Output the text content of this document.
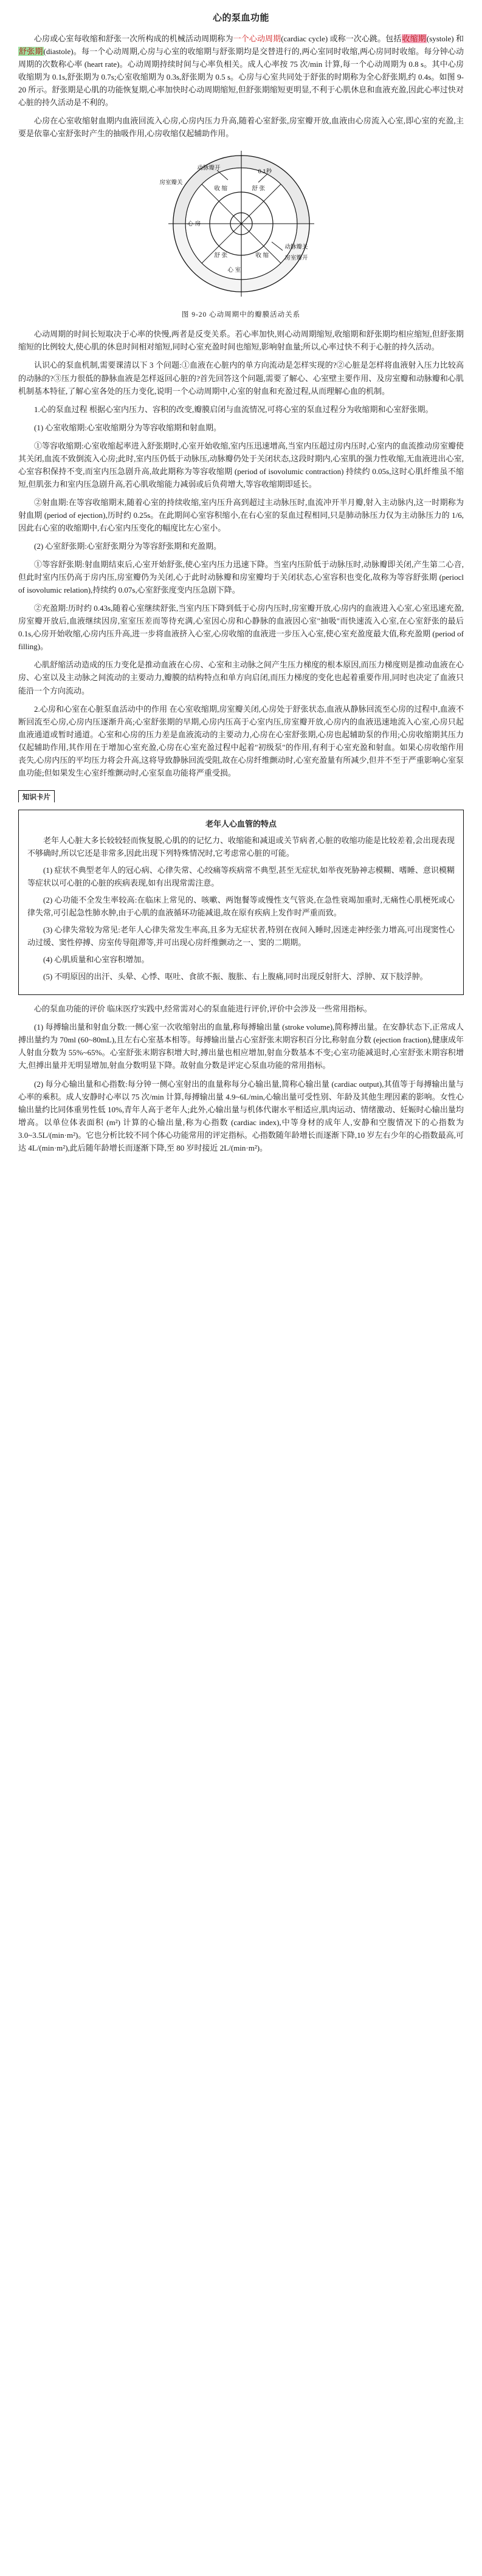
心的泵血功能

心房或心室每收缩和舒张一次所构成的机械活动周期称为一个心动周期(cardiac cycle) 或称一次心跳。包括收缩期(systole) 和舒张期(diastole)。每一个心动周期,心房与心室的收缩期与舒张期均是交替进行的,两心室同时收缩,两心房同时收缩。每分钟心动周期的次数称心率 (heart rate)。心动周期持续时间与心率负相关。成人心率按 75 次/min 计算,每一个心动周期为 0.8 s。其中心房收缩期为 0.1s,舒张期为 0.7s;心室收缩期为 0.3s,舒张期为 0.5 s。心房与心室共同处于舒张的时期称为全心舒张期,约 0.4s。如图 9-20 所示。舒张期是心肌的功能恢复期,心率加快时心动周期缩短,但舒张期缩短更明显,不利于心肌休息和血液充盈,因此心率过快对心脏的持久活动是不利的。

心房在心室收缩射血期内血液回流入心房,心房内压力升高,随着心室舒张,房室瓣开放,血液由心房流入心室,即心室的充盈,主要是依靠心室舒张时产生的抽吸作用,心房收缩仅起辅助作用。

动脉瓣开
房室瓣关
0.1秒
动脉瓣关
房室瓣开
收 缩	舒 张
心 房
心 室
舒 张	收 缩
图 9-20 心动周期中的瓣膜活动关系

心动周期的时间长短取决于心率的快慢,两者是反变关系。若心率加快,则心动周期缩短,收缩期和舒张期均相应缩短,但舒张期缩短的比例较大,使心肌的休息时间相对缩短,同时心室充盈时间也缩短,影响射血量;所以,心率过快不利于心脏的持久活动。

认识心的泵血机制,需要课清以下 3 个问题:①血液在心脏内的单方向流动是怎样实现的?②心脏是怎样将血液射入压力比较高的动脉的?③压力很低的静脉血液是怎样返回心脏的?首先回答这个问题,需要了解心、心室壁主要作用、及房室瓣和动脉瓣和心肌机制基本特征,了解心室各处的压力变化,说明一个心动周期中,心室的射血和充盈过程,从而理解心血的机制。

1.心的泵血过程 根据心室内压力、容积的改变,瓣膜启闭与血流情况,可将心室的泵血过程分为收缩期和心室舒张期。

(1) 心室收缩期:心室收缩期分为等容收缩期和射血期。

①等容收缩期:心室收缩起率进入舒张期时,心室开始收缩,室内压迅速增高,当室内压超过房内压时,心室内的血流推动房室瓣使其关闭,血流不致倒流入心房;此时,室内压仍低于动脉压,动脉瓣仍处于关闭状态,这段时期内,心室肌的强力性收缩,无血液进出心室,心室容积保持不变,而室内压急剧升高,故此期称为等容收缩期 (period of isovolumic contraction) 持续约 0.05s,这时心肌纤维虽不缩短,但肌张力和室内压急剧升高,若心肌收缩能力减弱或后负荷增大,等容收缩期即延长。

②射血期:在等容收缩期末,随着心室的持续收缩,室内压升高到超过主动脉压时,血流冲开半月瓣,射入主动脉内,这一时期称为射血期 (period of ejection),历时约 0.25s。在此期间心室容积缩小,在右心室的泵血过程相同,只是肺动脉压力仅为主动脉压力的 1/6,因此右心室的收缩期中,右心室内压变化的幅度比左心室小。

(2) 心室舒张期:心室舒张期分为等容舒张期和充盈期。

①等容舒张期:射血期结束后,心室开始舒张,使心室内压力迅速下降。当室内压阶低于动脉压时,动脉瓣即关闭,产生第二心音,但此时室内压仍高于房内压,房室瓣仍为关闭,心于此时动脉瓣和房室瓣均于关闭状态,心室容积也变化,故称为等容舒张期 (periocl of isovolumic relation),持续约 0.07s,心室舒张度变内压急剧下降。

②充盈期:历时约 0.43s,随着心室继续舒张,当室内压下降到低于心房内压时,房室瓣开放,心房内的血液进入心室,心室迅速充盈,房室瓣开放后,血液继续因房,室室压差而等待充满,心室因心房和心静脉的血液因心室"抽吸"而快速流入心室,在心室舒张的最后 0.1s,心房开始收缩,心房内压升高,进一步将血液挤入心室,心房收缩的血液进一步压入心室,使心室充盈度最大值,称充盈期 (period of filling)。

心肌舒缩活动造成的压力变化是推动血液在心房、心室和主动脉之间产生压力梯度的根本原因,而压力梯度则是推动血液在心房、心室以及主动脉之间流动的主要动力,瓣膜的结构特点和单方向启闭,而压力梯度的变化也起着重要作用,同时也决定了血液只能沿一个方向流动。

2.心房和心室在心脏泵血活动中的作用 在心室收缩期,房室瓣关闭,心房处于舒张状态,血液从静脉回流至心房的过程中,血液不断回流至心房,心房内压逐渐升高;心室舒张期的早期,心房内压高于心室内压,房室瓣开放,心房内的血液迅速地流入心室,心房只起血液通道或暂时通道。心室和心房的压力差是血液流动的主要动力,心房在心室舒张期,心房也起辅助泵的作用;心房收缩期其压力仅起辅助作用,其作用在于增加心室充盈,心房在心室充盈过程中起着"初级泵"的作用,有利于心室充盈和射血。如果心房收缩作用丧失,心房内压的平均压力将会升高,这将导致静脉回流受阻,故在心房纤维颤动时,心室充盈量有所减少,但并不至于严重影响心室泵血功能;但如果发生心室纤维颤动时,心室泵血功能将严重受损。

知识卡片
老年人心血管的特点

老年人心脏大多长较较轻而恢复脱,心肌的的记忆力、收缩能和减退或关节病者,心脏的收缩功能是比较差着,会出现表现不够确时,所以它还是非常多,因此出现下列特殊情况时,它考虑常心脏的可能。

(1) 症状不典型老年人的冠心病、心律失常、心绞痛等疾病常不典型,甚至无症状,如举夜死胁神志模糊、嗜睡、意识模糊等症状以可心脏的心脏的疾病表现,如有出现常需注意。

(2) 心功能不全发生率较高:在临床上常见的、咳嗽、两饱餐等或慢性支气管炎,在急性衰竭加重时,无痛性心肌梗死或心律失常,可引起急性肺水肿,由于心肌的血液循环功能减退,故在原有疾病上发作时严重而致。

(3) 心律失常较为常见:老年人心律失常发生率高,且多为无症状者,特别在夜间入睡时,因迷走神经张力增高,可出现窦性心动过缓、窦性停搏、房室传导阻滞等,并可出现心房纤维颤动之一、窦的二期期。

(4) 心肌质量和心室容积增加。

(5) 不明原因的出汗、头晕、心悸、呕吐、食欲不振、腹胀、右上腹痛,同时出现反射肝大、浮肿、双下肢浮肿。

心的泵血功能的评价 临床医疗实践中,经常需对心的泵血能进行评价,评价中会涉及一些常用指标。

(1) 每搏输出量和射血分数:一侧心室一次收缩射出的血量,称每搏输出量 (stroke volume),简称搏出量。在安静状态下,正常成人搏出量约为 70ml (60~80mL),且左右心室基本相等。每搏输出量占心室舒张末期容积百分比,称射血分数 (ejection fraction),健康成年人射血分数为 55%~65%。心室舒张末期容积增大时,搏出量也相应增加,射血分数基本不变;心室功能减退时,心室舒张末期容积增大,但搏出量并无明显增加,射血分数明显下降。故射血分数是评定心泵血功能的常用指标。

(2) 每分心输出量和心指数:每分钟一侧心室射出的血量称每分心输出量,简称心输出量 (cardiac output),其值等于每搏输出量与心率的乘积。成人安静时心率以 75 次/min 计算,每搏输出量 4.9~6L/min,心输出量可受性别、年龄及其他生理因素的影响。女性心输出量约比同体重男性低 10%,青年人高于老年人;此外,心输出量与机体代谢水平相适应,肌肉运动、情绪激动、妊娠时心输出量均增高。以单位体表面积 (m²) 计算的心输出量,称为心指数 (cardiac index),中等身材的成年人,安静和空腹情况下的心指数为 3.0~3.5L/(min·m²)。它也分析比较不同个体心功能常用的评定指标。心指数随年龄增长而逐渐下降,10 岁左右少年的心指数最高,可达 4L/(min·m²),此后随年龄增长而逐渐下降,至 80 岁时接近 2L/(min·m²)。
